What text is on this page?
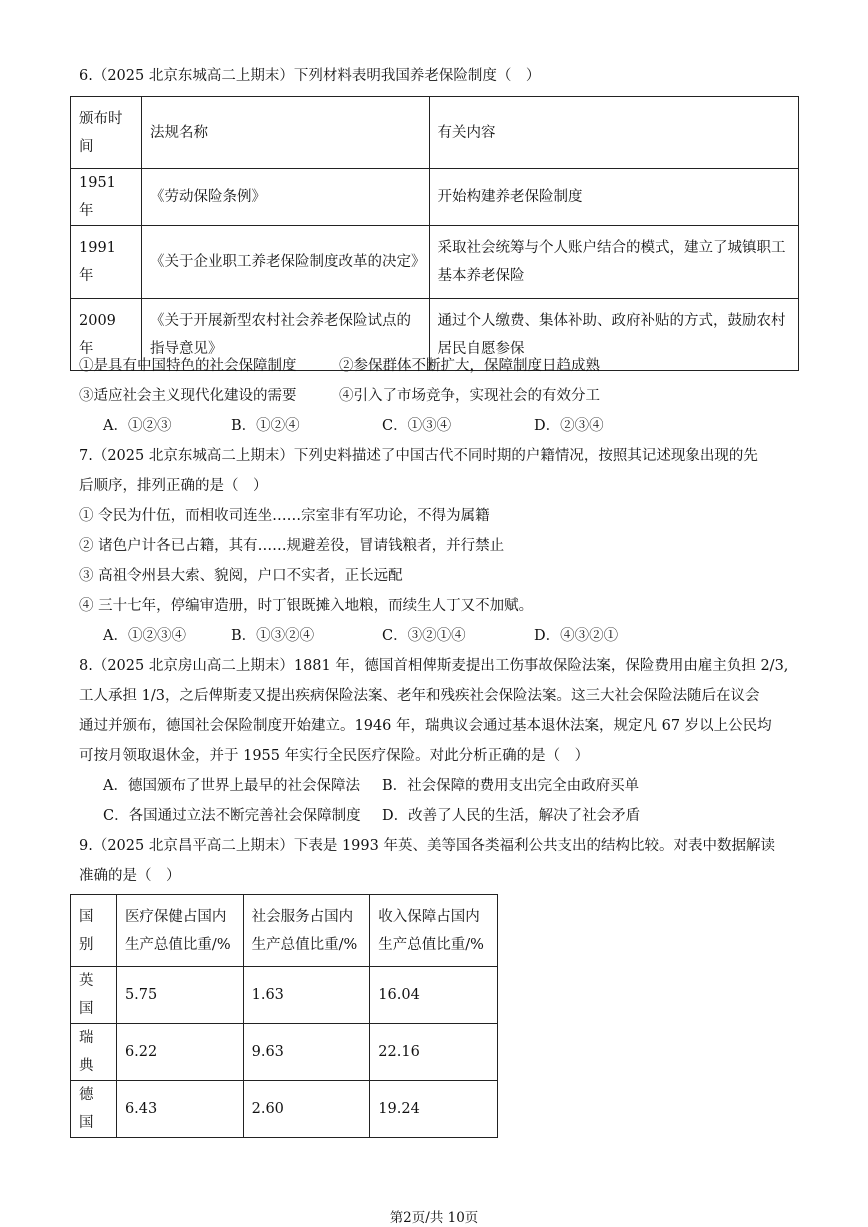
6.（2025 北京东城高二上期末）下列材料表明我国养老保险制度（　）
颁布时间	法规名称	有关内容
1951 年	《劳动保险条例》	开始构建养老保险制度
1991 年	《关于企业职工养老保险制度改革的决定》	采取社会统筹与个人账户结合的模式，建立了城镇职工基本养老保险
2009 年	《关于开展新型农村社会养老保险试点的指导意见》	通过个人缴费、集体补助、政府补贴的方式，鼓励农村居民自愿参保
①是具有中国特色的社会保障制度	②参保群体不断扩大，保障制度日趋成熟
③适应社会主义现代化建设的需要	④引入了市场竞争，实现社会的有效分工
A．①②③	B．①②④	C．①③④	D．②③④
7.（2025 北京东城高二上期末）下列史料描述了中国古代不同时期的户籍情况，按照其记述现象出现的先
后顺序，排列正确的是（　）
① 令民为什伍，而相收司连坐……宗室非有军功论，不得为属籍
② 诸色户计各已占籍，其有……规避差役，冒请钱粮者，并行禁止
③ 高祖令州县大索、貌阅，户口不实者，正长远配
④ 三十七年，停编审造册，时丁银既摊入地粮，而续生人丁又不加赋。
A．①②③④	B．①③②④	C．③②①④	D．④③②①
8.（2025 北京房山高二上期末）1881 年，德国首相俾斯麦提出工伤事故保险法案，保险费用由雇主负担 2/3,
工人承担 1/3，之后俾斯麦又提出疾病保险法案、老年和残疾社会保险法案。这三大社会保险法随后在议会
通过并颁布，德国社会保险制度开始建立。1946 年，瑞典议会通过基本退休法案，规定凡 67 岁以上公民均
可按月领取退休金，并于 1955 年实行全民医疗保险。对此分析正确的是（　）
A．德国颁布了世界上最早的社会保障法 B．社会保障的费用支出完全由政府买单
C．各国通过立法不断完善社会保障制度 D．改善了人民的生活，解决了社会矛盾
9.（2025 北京昌平高二上期末）下表是 1993 年英、美等国各类福利公共支出的结构比较。对表中数据解读
准确的是（　）
国别	医疗保健占国内生产总值比重/%	社会服务占国内生产总值比重/%	收入保障占国内生产总值比重/%
英国	5.75	1.63	16.04
瑞典	6.22	9.63	22.16
德国	6.43	2.60	19.24
第2页/共 10页
